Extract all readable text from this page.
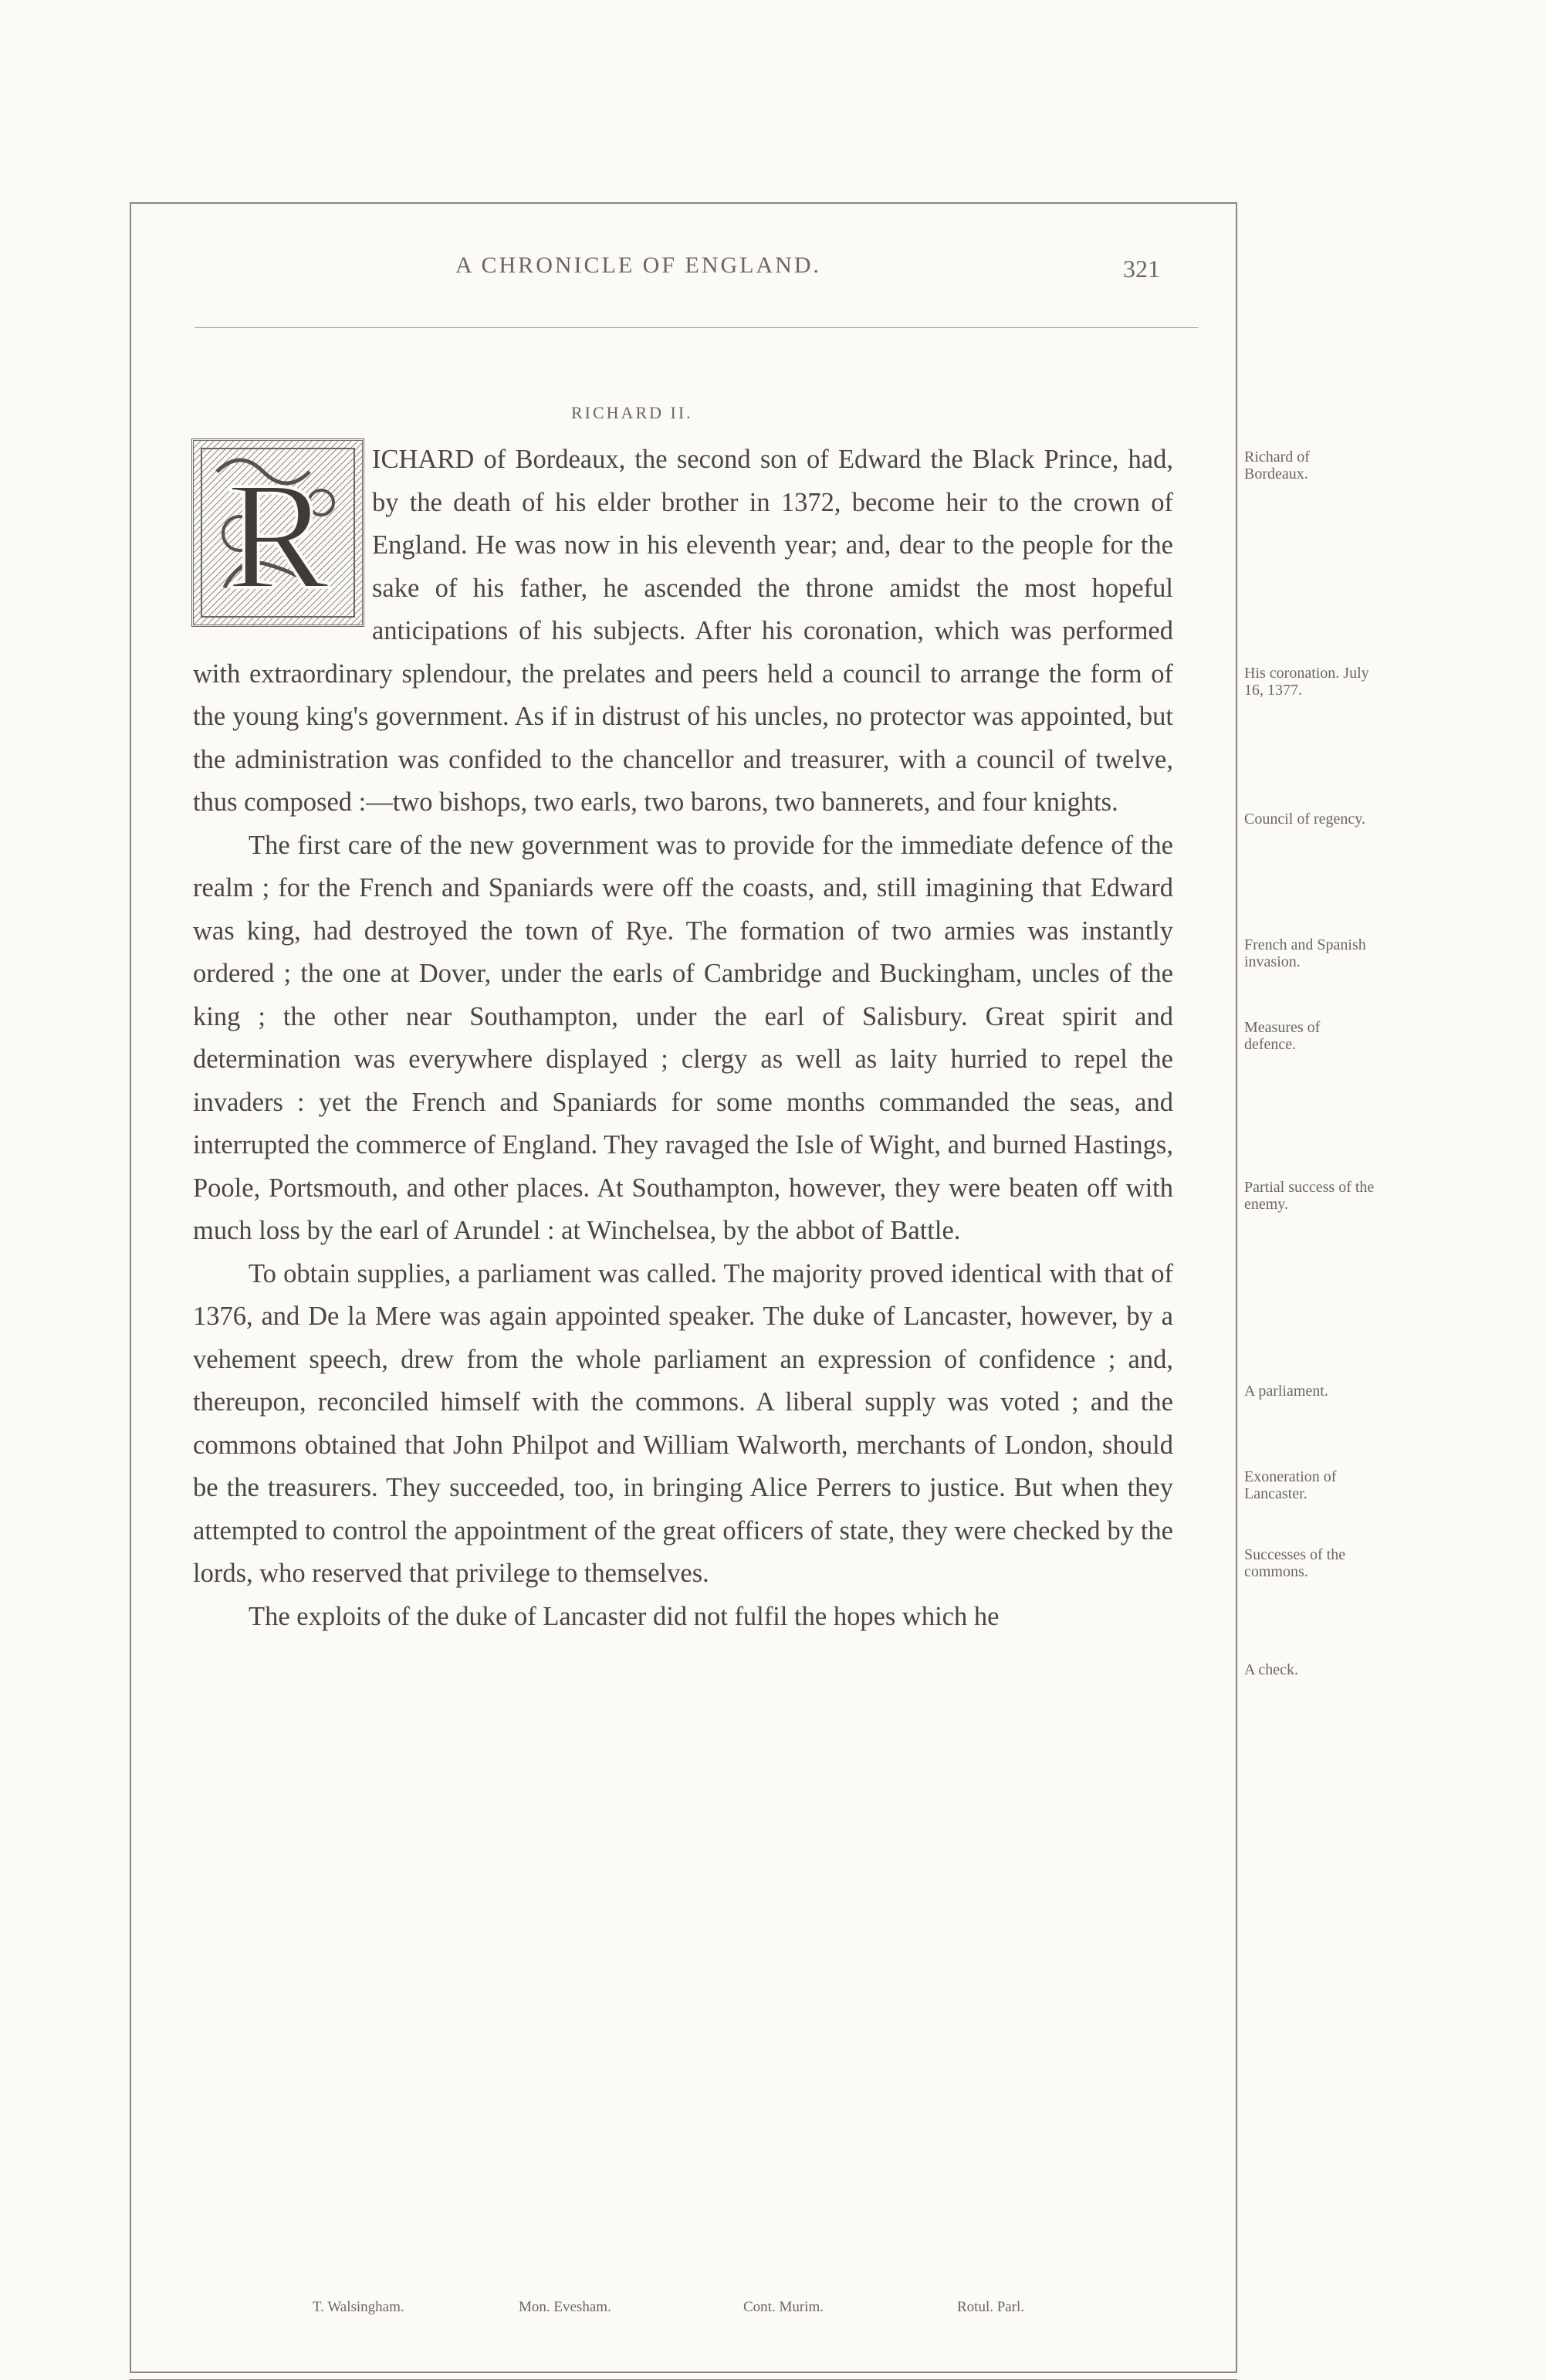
A CHRONICLE OF ENGLAND.	321
RICHARD II.
R	ICHARD of Bordeaux, the second son of Edward the Black Prince, had, by the death of his elder brother in 1372, become heir to the crown of England. He was now in his eleventh year; and, dear to the people for the sake of his father, he ascended the throne amidst the most hopeful anticipations of his subjects. After his coronation, which was performed with extraordinary splendour, the prelates and peers held a council to arrange the form of the young king's government. As if in distrust of his uncles, no protector was appointed, but the administration was confided to the chancellor and treasurer, with a council of twelve, thus composed :—two bishops, two earls, two barons, two bannerets, and four knights.

The first care of the new government was to provide for the immediate defence of the realm ; for the French and Spaniards were off the coasts, and, still imagining that Edward was king, had destroyed the town of Rye. The formation of two armies was instantly ordered ; the one at Dover, under the earls of Cambridge and Buckingham, uncles of the king ; the other near Southampton, under the earl of Salisbury. Great spirit and determination was everywhere displayed ; clergy as well as laity hurried to repel the invaders : yet the French and Spaniards for some months commanded the seas, and interrupted the commerce of England. They ravaged the Isle of Wight, and burned Hastings, Poole, Portsmouth, and other places. At Southampton, however, they were beaten off with much loss by the earl of Arundel : at Winchelsea, by the abbot of Battle.

To obtain supplies, a parliament was called. The majority proved identical with that of 1376, and De la Mere was again appointed speaker. The duke of Lancaster, however, by a vehement speech, drew from the whole parliament an expression of confidence ; and, thereupon, reconciled himself with the commons. A liberal supply was voted ; and the commons obtained that John Philpot and William Walworth, merchants of London, should be the treasurers. They succeeded, too, in bringing Alice Perrers to justice. But when they attempted to control the appointment of the great officers of state, they were checked by the lords, who reserved that privilege to themselves.

The exploits of the duke of Lancaster did not fulfil the hopes which he

Richard of Bordeaux.
His coronation. July 16, 1377.
Council of regency.
French and Spanish invasion.
Measures of defence.
Partial success of the enemy.
A parliament.
Exoneration of Lancaster.
Successes of the commons.
A check.
T. Walsingham.	Mon. Evesham.	Cont. Murim.	Rotul. Parl.
